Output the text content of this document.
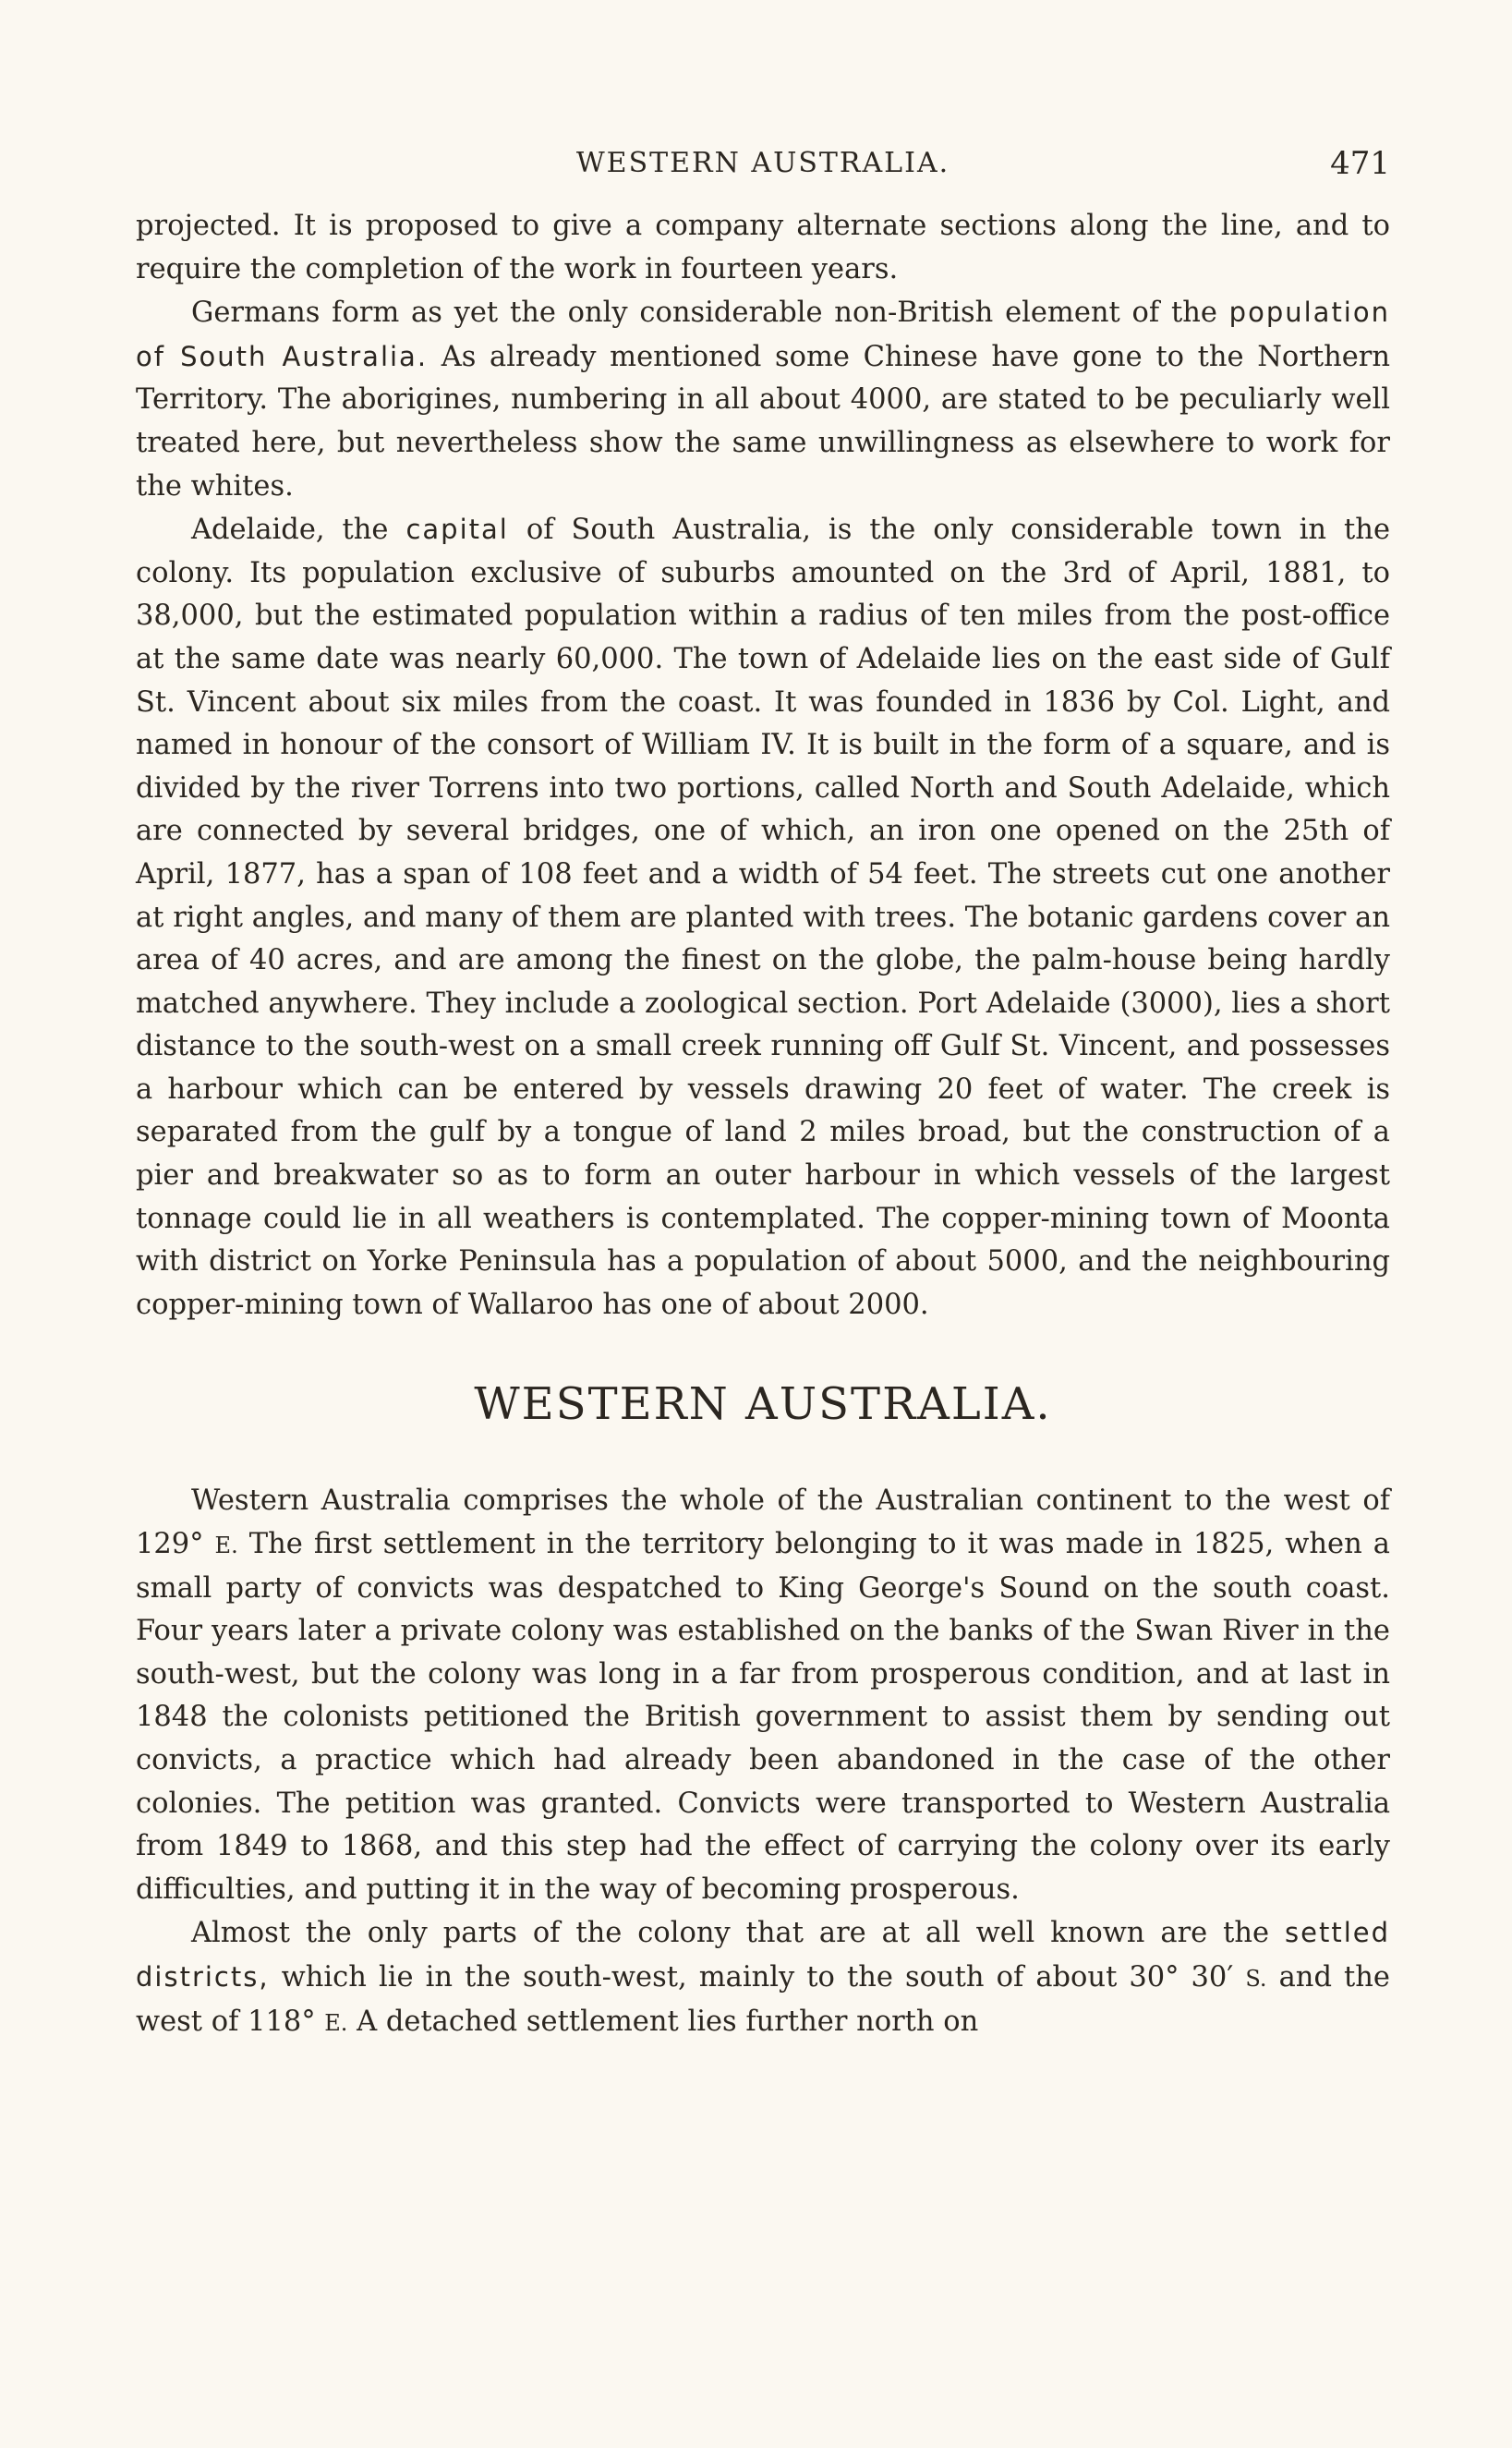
WESTERN AUSTRALIA.	471

projected. It is proposed to give a company alternate sections along the line, and to require the completion of the work in fourteen years.

Germans form as yet the only considerable non-British element of the population of South Australia. As already mentioned some Chinese have gone to the Northern Territory. The aborigines, numbering in all about 4000, are stated to be peculiarly well treated here, but nevertheless show the same unwillingness as elsewhere to work for the whites.

Adelaide, the capital of South Australia, is the only considerable town in the colony. Its population exclusive of suburbs amounted on the 3rd of April, 1881, to 38,000, but the estimated population within a radius of ten miles from the post-office at the same date was nearly 60,000. The town of Adelaide lies on the east side of Gulf St. Vincent about six miles from the coast. It was founded in 1836 by Col. Light, and named in honour of the consort of William IV. It is built in the form of a square, and is divided by the river Torrens into two portions, called North and South Adelaide, which are connected by several bridges, one of which, an iron one opened on the 25th of April, 1877, has a span of 108 feet and a width of 54 feet. The streets cut one another at right angles, and many of them are planted with trees. The botanic gardens cover an area of 40 acres, and are among the finest on the globe, the palm-house being hardly matched anywhere. They include a zoological section. Port Adelaide (3000), lies a short distance to the south-west on a small creek running off Gulf St. Vincent, and possesses a harbour which can be entered by vessels drawing 20 feet of water. The creek is separated from the gulf by a tongue of land 2 miles broad, but the construction of a pier and breakwater so as to form an outer harbour in which vessels of the largest tonnage could lie in all weathers is contemplated. The copper-mining town of Moonta with district on Yorke Peninsula has a population of about 5000, and the neighbouring copper-mining town of Wallaroo has one of about 2000.

WESTERN AUSTRALIA.

Western Australia comprises the whole of the Australian continent to the west of 129° E. The first settlement in the territory belonging to it was made in 1825, when a small party of convicts was despatched to King George's Sound on the south coast. Four years later a private colony was established on the banks of the Swan River in the south-west, but the colony was long in a far from prosperous condition, and at last in 1848 the colonists petitioned the British government to assist them by sending out convicts, a practice which had already been abandoned in the case of the other colonies. The petition was granted. Convicts were transported to Western Australia from 1849 to 1868, and this step had the effect of carrying the colony over its early difficulties, and putting it in the way of becoming prosperous.

Almost the only parts of the colony that are at all well known are the settled districts, which lie in the south-west, mainly to the south of about 30° 30′ S. and the west of 118° E. A detached settlement lies further north on
